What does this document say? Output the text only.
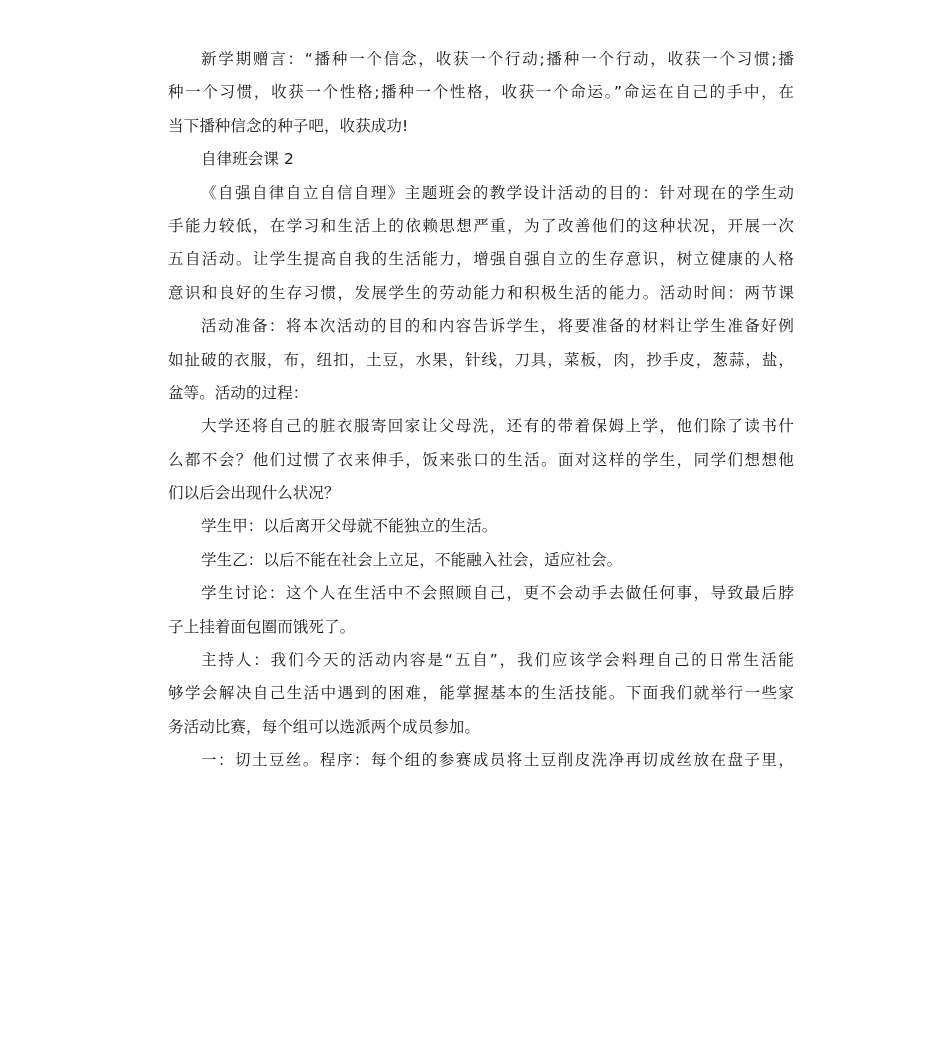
新学期赠言：“播种一个信念，收获一个行动;播种一个行动，收获一个习惯;播
种一个习惯，收获一个性格;播种一个性格，收获一个命运。”命运在自己的手中，在
当下播种信念的种子吧，收获成功!
自律班会课 2
《自强自律自立自信自理》主题班会的教学设计活动的目的：针对现在的学生动
手能力较低，在学习和生活上的依赖思想严重，为了改善他们的这种状况，开展一次
五自活动。让学生提高自我的生活能力，增强自强自立的生存意识，树立健康的人格
意识和良好的生存习惯，发展学生的劳动能力和积极生活的能力。活动时间：两节课
活动准备：将本次活动的目的和内容告诉学生，将要准备的材料让学生准备好例
如扯破的衣服，布，纽扣，土豆，水果，针线，刀具，菜板，肉，抄手皮，葱蒜，盐，
盆等。活动的过程：
大学还将自己的脏衣服寄回家让父母洗，还有的带着保姆上学，他们除了读书什
么都不会？他们过惯了衣来伸手，饭来张口的生活。面对这样的学生，同学们想想他
们以后会出现什么状况？
学生甲：以后离开父母就不能独立的生活。
学生乙：以后不能在社会上立足，不能融入社会，适应社会。
学生讨论：这个人在生活中不会照顾自己，更不会动手去做任何事，导致最后脖
子上挂着面包圈而饿死了。
主持人：我们今天的活动内容是“五自”，我们应该学会料理自己的日常生活能
够学会解决自己生活中遇到的困难，能掌握基本的生活技能。下面我们就举行一些家
务活动比赛，每个组可以选派两个成员参加。
一：切土豆丝。程序：每个组的参赛成员将土豆削皮洗净再切成丝放在盘子里，
